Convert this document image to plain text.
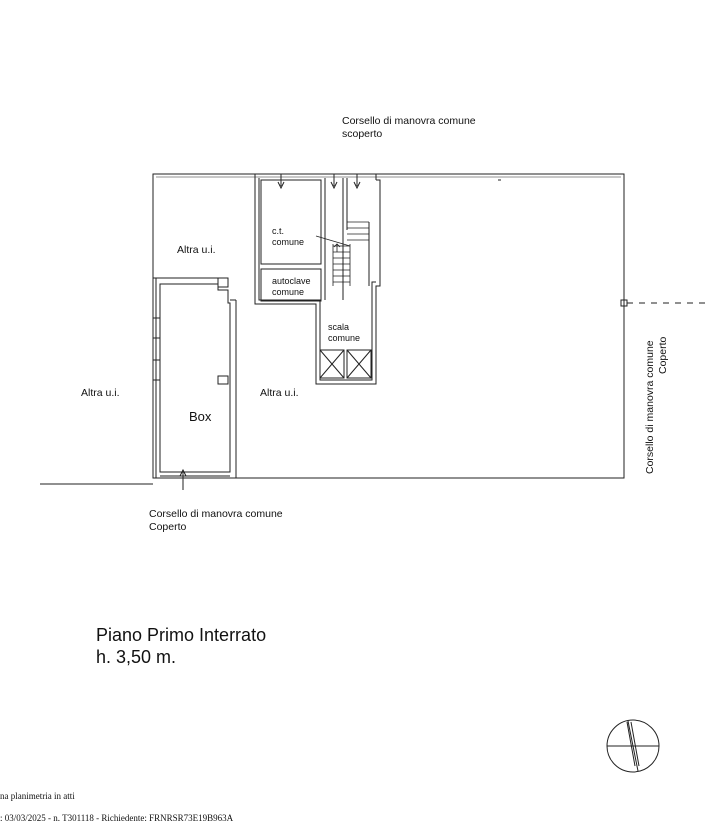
Corsello di manovra comune
scoperto
c.t.
comune
autoclave
comune
scala
comune
Altra u.i.
Altra u.i.	Altra u.i.
Box	Corsello di manovra comune Coperto
Corsello di manovra comune
Coperto
Piano Primo Interrato
h. 3,50 m.
na planimetria in atti
: 03/03/2025 - n. T301118 - Richiedente: FRNRSR73E19B963A
